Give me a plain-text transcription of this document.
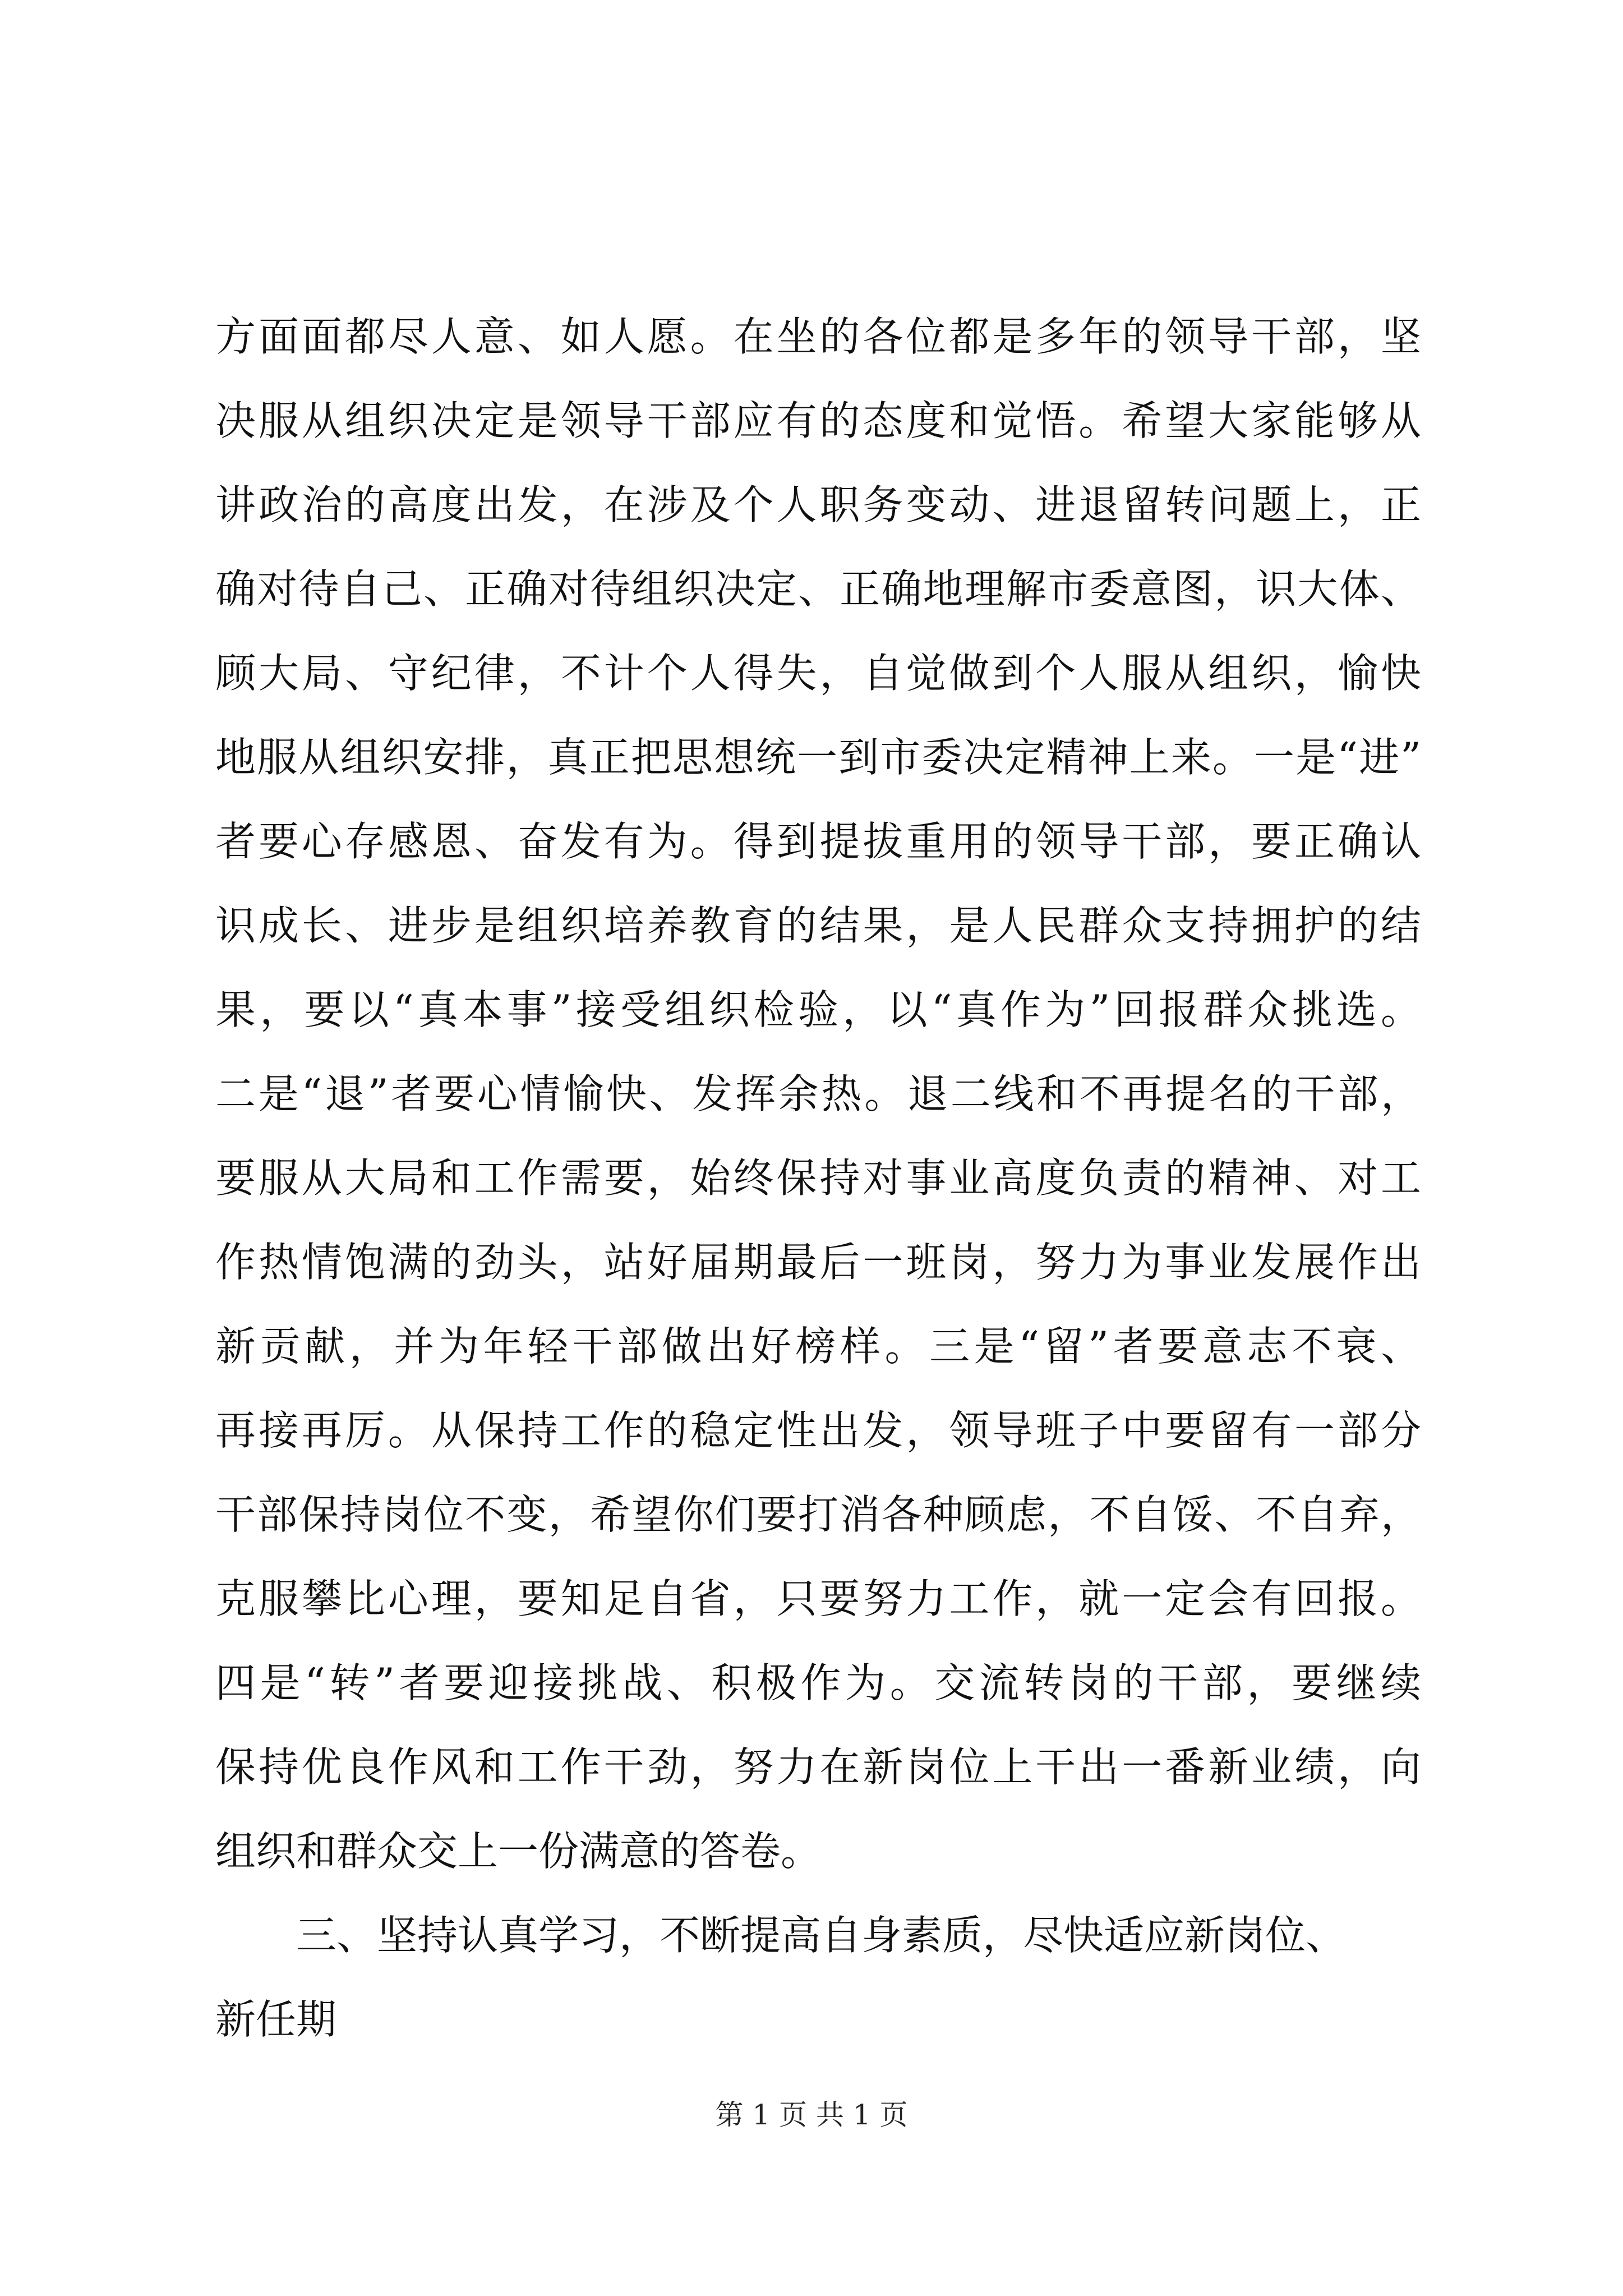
方面面都尽人意、如人愿。在坐的各位都是多年的领导干部，坚
决服从组织决定是领导干部应有的态度和觉悟。希望大家能够从
讲政治的高度出发，在涉及个人职务变动、进退留转问题上，正
确对待自己、正确对待组织决定、正确地理解市委意图，识大体、
顾大局、守纪律，不计个人得失，自觉做到个人服从组织，愉快
地服从组织安排，真正把思想统一到市委决定精神上来。一是“进”
者要心存感恩、奋发有为。得到提拔重用的领导干部，要正确认
识成长、进步是组织培养教育的结果，是人民群众支持拥护的结
果，要以“真本事”接受组织检验，以“真作为”回报群众挑选。
二是“退”者要心情愉快、发挥余热。退二线和不再提名的干部，
要服从大局和工作需要，始终保持对事业高度负责的精神、对工
作热情饱满的劲头，站好届期最后一班岗，努力为事业发展作出
新贡献，并为年轻干部做出好榜样。三是“留”者要意志不衰、
再接再厉。从保持工作的稳定性出发，领导班子中要留有一部分
干部保持岗位不变，希望你们要打消各种顾虑，不自馁、不自弃，
克服攀比心理，要知足自省，只要努力工作，就一定会有回报。
四是“转”者要迎接挑战、积极作为。交流转岗的干部，要继续
保持优良作风和工作干劲，努力在新岗位上干出一番新业绩，向
组织和群众交上一份满意的答卷。
三、坚持认真学习，不断提高自身素质，尽快适应新岗位、
新任期
第 1 页 共 1 页
